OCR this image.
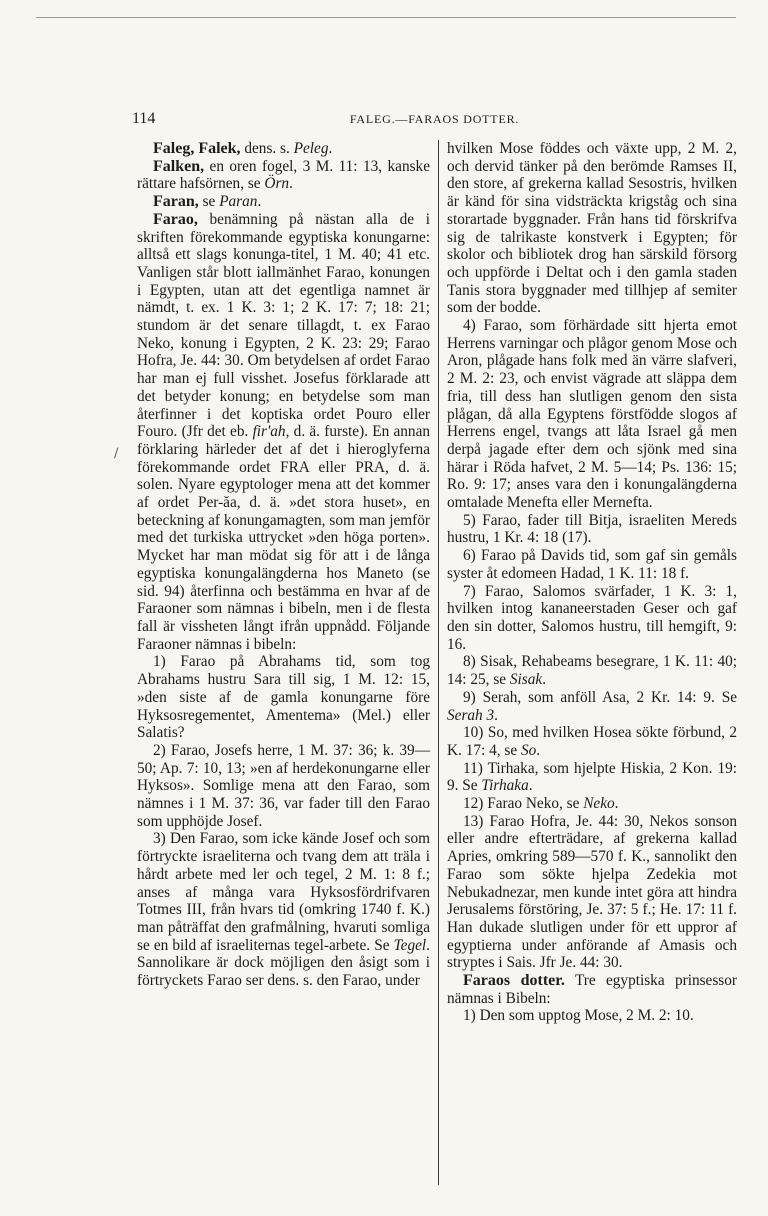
114	FALEG.—FARAOS DOTTER.
/

Faleg, Falek, dens. s. Peleg.

Falken, en oren fogel, 3 M. 11: 13, kanske rättare hafsörnen, se Örn.

Faran, se Paran.

Farao, benämning på nästan alla de i skriften förekommande egyptiska konungarne: alltså ett slags konunga-titel, 1 M. 40; 41 etc. Vanligen står blott iallmänhet Farao, konungen i Egypten, utan att det egentliga namnet är nämdt, t. ex. 1 K. 3: 1; 2 K. 17: 7; 18: 21; stundom är det senare tillagdt, t. ex Farao Neko, konung i Egypten, 2 K. 23: 29; Farao Hofra, Je. 44: 30. Om betydelsen af ordet Farao har man ej full visshet. Josefus förklarade att det betyder konung; en betydelse som man återfinner i det koptiska ordet Pouro eller Fouro. (Jfr det eb. fir'ah, d. ä. furste). En annan förklaring härleder det af det i hieroglyferna förekommande ordet FRA eller PRA, d. ä. solen. Nyare egyptologer mena att det kommer af ordet Per-ăa, d. ä. »det stora huset», en beteckning af konungamagten, som man jemför med det turkiska uttrycket »den höga porten». Mycket har man mödat sig för att i de långa egyptiska konungalängderna hos Maneto (se sid. 94) återfinna och bestämma en hvar af de Faraoner som nämnas i bibeln, men i de flesta fall är vissheten långt ifrån uppnådd. Följande Faraoner nämnas i bibeln:

1) Farao på Abrahams tid, som tog Abrahams hustru Sara till sig, 1 M. 12: 15, »den siste af de gamla konungarne före Hyksosregementet, Amentema» (Mel.) eller Salatis?

2) Farao, Josefs herre, 1 M. 37: 36; k. 39—50; Ap. 7: 10, 13; »en af herdekonungarne eller Hyksos». Somlige mena att den Farao, som nämnes i 1 M. 37: 36, var fader till den Farao som upphöjde Josef.

3) Den Farao, som icke kände Josef och som förtryckte israeliterna och tvang dem att träla i hårdt arbete med ler och tegel, 2 M. 1: 8 f.; anses af många vara Hyksosfördrifvaren Totmes III, från hvars tid (omkring 1740 f. K.) man påträffat den grafmålning, hvaruti somliga se en bild af israeliternas tegel-arbete. Se Tegel. Sannolikare är dock möjligen den åsigt som i förtryckets Farao ser dens. s. den Farao, under

hvilken Mose föddes och växte upp, 2 M. 2, och dervid tänker på den berömde Ramses II, den store, af grekerna kallad Sesostris, hvilken är känd för sina vidsträckta krigståg och sina storartade byggnader. Från hans tid förskrifva sig de talrikaste konstverk i Egypten; för skolor och bibliotek drog han särskild försorg och uppförde i Deltat och i den gamla staden Tanis stora byggnader med tillhjep af semiter som der bodde.

4) Farao, som förhärdade sitt hjerta emot Herrens varningar och plågor genom Mose och Aron, plågade hans folk med än värre slafveri, 2 M. 2: 23, och envist vägrade att släppa dem fria, till dess han slutligen genom den sista plågan, då alla Egyptens förstfödde slogos af Herrens engel, tvangs att låta Israel gå men derpå jagade efter dem och sjönk med sina härar i Röda hafvet, 2 M. 5—14; Ps. 136: 15; Ro. 9: 17; anses vara den i konungalängderna omtalade Menefta eller Mernefta.

5) Farao, fader till Bitja, israeliten Mereds hustru, 1 Kr. 4: 18 (17).

6) Farao på Davids tid, som gaf sin gemåls syster åt edomeen Hadad, 1 K. 11: 18 f.

7) Farao, Salomos svärfader, 1 K. 3: 1, hvilken intog kananeerstaden Geser och gaf den sin dotter, Salomos hustru, till hemgift, 9: 16.

8) Sisak, Rehabeams besegrare, 1 K. 11: 40; 14: 25, se Sisak.

9) Serah, som anföll Asa, 2 Kr. 14: 9. Se Serah 3.

10) So, med hvilken Hosea sökte förbund, 2 K. 17: 4, se So.

11) Tirhaka, som hjelpte Hiskia, 2 Kon. 19: 9. Se Tirhaka.

12) Farao Neko, se Neko.

13) Farao Hofra, Je. 44: 30, Nekos sonson eller andre efterträdare, af grekerna kallad Apries, omkring 589—570 f. K., sannolikt den Farao som sökte hjelpa Zedekia mot Nebukadnezar, men kunde intet göra att hindra Jerusalems förstöring, Je. 37: 5 f.; He. 17: 11 f. Han dukade slutligen under för ett uppror af egyptierna under anförande af Amasis och stryptes i Sais. Jfr Je. 44: 30.

Faraos dotter. Tre egyptiska prinsessor nämnas i Bibeln:

1) Den som upptog Mose, 2 M. 2: 10.
